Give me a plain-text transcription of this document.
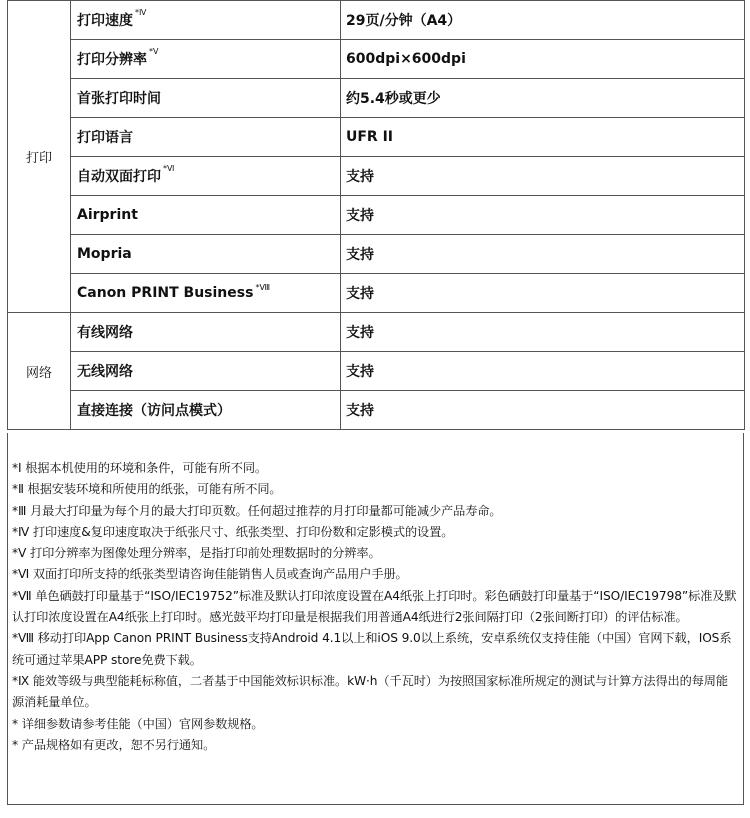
打印	打印速度$^{*Ⅳ}$	29页/分钟（A4）
	打印分辨率$^{*Ⅴ}$	600dpi×600dpi
	首张打印时间	约5.4秒或更少
	打印语言	UFR II
	自动双面打印$^{*Ⅵ}$	支持
	Airprint	支持
	Mopria	支持
	Canon PRINT Business $^{*Ⅷ}$	支持
网络	有线网络	支持
	无线网络	支持
	直接连接（访问点模式）	支持

*Ⅰ 根据本机使用的环境和条件，可能有所不同。

*Ⅱ 根据安装环境和所使用的纸张，可能有所不同。

*Ⅲ 月最大打印量为每个月的最大打印页数。任何超过推荐的月打印量都可能减少产品寿命。

*Ⅳ 打印速度&复印速度取决于纸张尺寸、纸张类型、打印份数和定影模式的设置。

*Ⅴ 打印分辨率为图像处理分辨率，是指打印前处理数据时的分辨率。

*Ⅵ 双面打印所支持的纸张类型请咨询佳能销售人员或查询产品用户手册。

*Ⅶ 单色硒鼓打印量基于“ISO/IEC19752”标准及默认打印浓度设置在A4纸张上打印时。彩色硒鼓打印量基于“ISO/IEC19798”标准及默认打印浓度设置在A4纸张上打印时。感光鼓平均打印量是根据我们用普通A4纸进行2张间隔打印（2张间断打印）的评估标准。

*Ⅷ 移动打印App Canon PRINT Business支持Android 4.1以上和iOS 9.0以上系统，安卓系统仅支持佳能（中国）官网下载，IOS系统可通过苹果APP store免费下载。

*Ⅸ 能效等级与典型能耗标称值，二者基于中国能效标识标准。kW·h（千瓦时）为按照国家标准所规定的测试与计算方法得出的每周能源消耗量单位。

* 详细参数请参考佳能（中国）官网参数规格。

* 产品规格如有更改，恕不另行通知。
